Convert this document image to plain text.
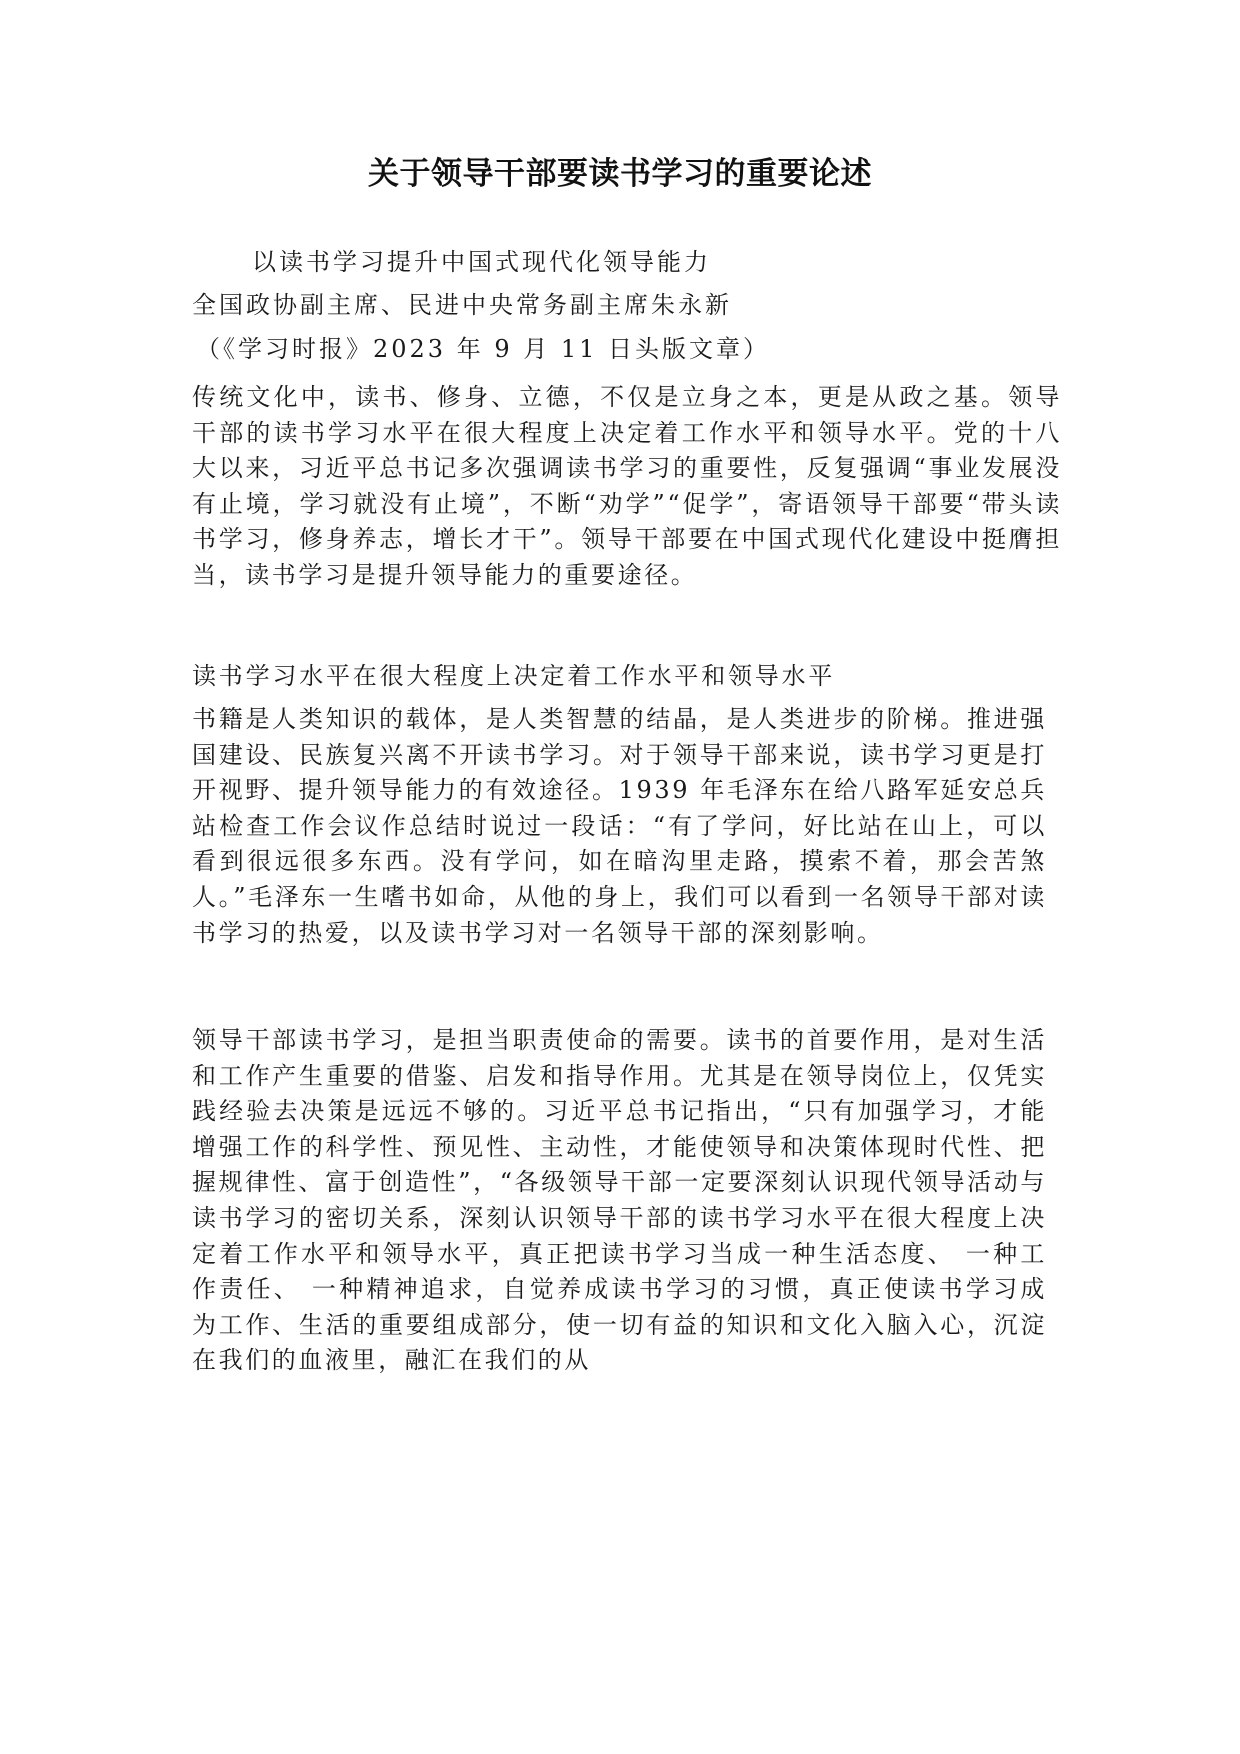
关于领导干部要读书学习的重要论述

以读书学习提升中国式现代化领导能力

全国政协副主席、民进中央常务副主席朱永新

（《学习时报》2023 年 9 月 11 日头版文章）

传统文化中，读书、修身、立德，不仅是立身之本，更是从政之基。领导干部的读书学习水平在很大程度上决定着工作水平和领导水平。党的十八大以来，习近平总书记多次强调读书学习的重要性，反复强调“事业发展没有止境，学习就没有止境”，不断“劝学”“促学”，寄语领导干部要“带头读书学习，修身养志，增长才干”。领导干部要在中国式现代化建设中挺膺担当，读书学习是提升领导能力的重要途径。

读书学习水平在很大程度上决定着工作水平和领导水平

书籍是人类知识的载体，是人类智慧的结晶，是人类进步的阶梯。推进强国建设、民族复兴离不开读书学习。对于领导干部来说，读书学习更是打开视野、提升领导能力的有效途径。1939 年毛泽东在给八路军延安总兵站检查工作会议作总结时说过一段话：“有了学问，好比站在山上，可以看到很远很多东西。没有学问，如在暗沟里走路，摸索不着，那会苦煞人。”毛泽东一生嗜书如命，从他的身上，我们可以看到一名领导干部对读书学习的热爱，以及读书学习对一名领导干部的深刻影响。

领导干部读书学习，是担当职责使命的需要。读书的首要作用，是对生活和工作产生重要的借鉴、启发和指导作用。尤其是在领导岗位上，仅凭实践经验去决策是远远不够的。习近平总书记指出，“只有加强学习，才能增强工作的科学性、预见性、主动性，才能使领导和决策体现时代性、把握规律性、富于创造性”，“各级领导干部一定要深刻认识现代领导活动与读书学习的密切关系，深刻认识领导干部的读书学习水平在很大程度上决定着工作水平和领导水平，真正把读书学习当成一种生活态度、 一种工作责任、 一种精神追求，自觉养成读书学习的习惯，真正使读书学习成为工作、生活的重要组成部分，使一切有益的知识和文化入脑入心，沉淀在我们的血液里，融汇在我们的从
